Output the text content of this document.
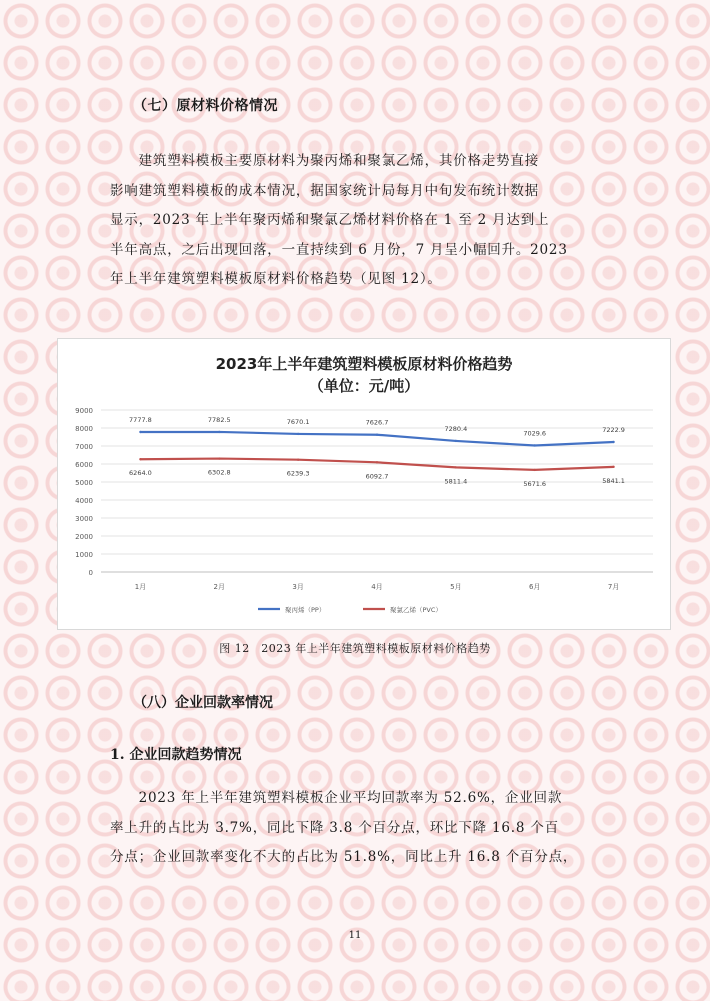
（七）原材料价格情况

　　建筑塑料模板主要原材料为聚丙烯和聚氯乙烯，其价格走势直接

影响建筑塑料模板的成本情况，据国家统计局每月中旬发布统计数据

显示，2023 年上半年聚丙烯和聚氯乙烯材料价格在 1 至 2 月达到上

半年高点，之后出现回落，一直持续到 6 月份，7 月呈小幅回升。2023

年上半年建筑塑料模板原材料价格趋势（见图 12）。

2023年上半年建筑塑料模板原材料价格趋势
（单位：元/吨）
0
1000
2000
3000
4000
5000
6000
7000
8000
9000
1月	2月	3月	4月	5月	6月	7月
7777.8	7782.5	7670.1	7626.7
7280.4
7029.6	7222.9
6264.0	6302.8	6239.3	6092.7
5811.4	5671.6	5841.1
聚丙烯（PP）	聚氯乙烯（PVC）
图 12　2023 年上半年建筑塑料模板原材料价格趋势
（八）企业回款率情况
1. 企业回款趋势情况

　　2023 年上半年建筑塑料模板企业平均回款率为 52.6%，企业回款

率上升的占比为 3.7%，同比下降 3.8 个百分点，环比下降 16.8 个百

分点；企业回款率变化不大的占比为 51.8%，同比上升 16.8 个百分点，

11
